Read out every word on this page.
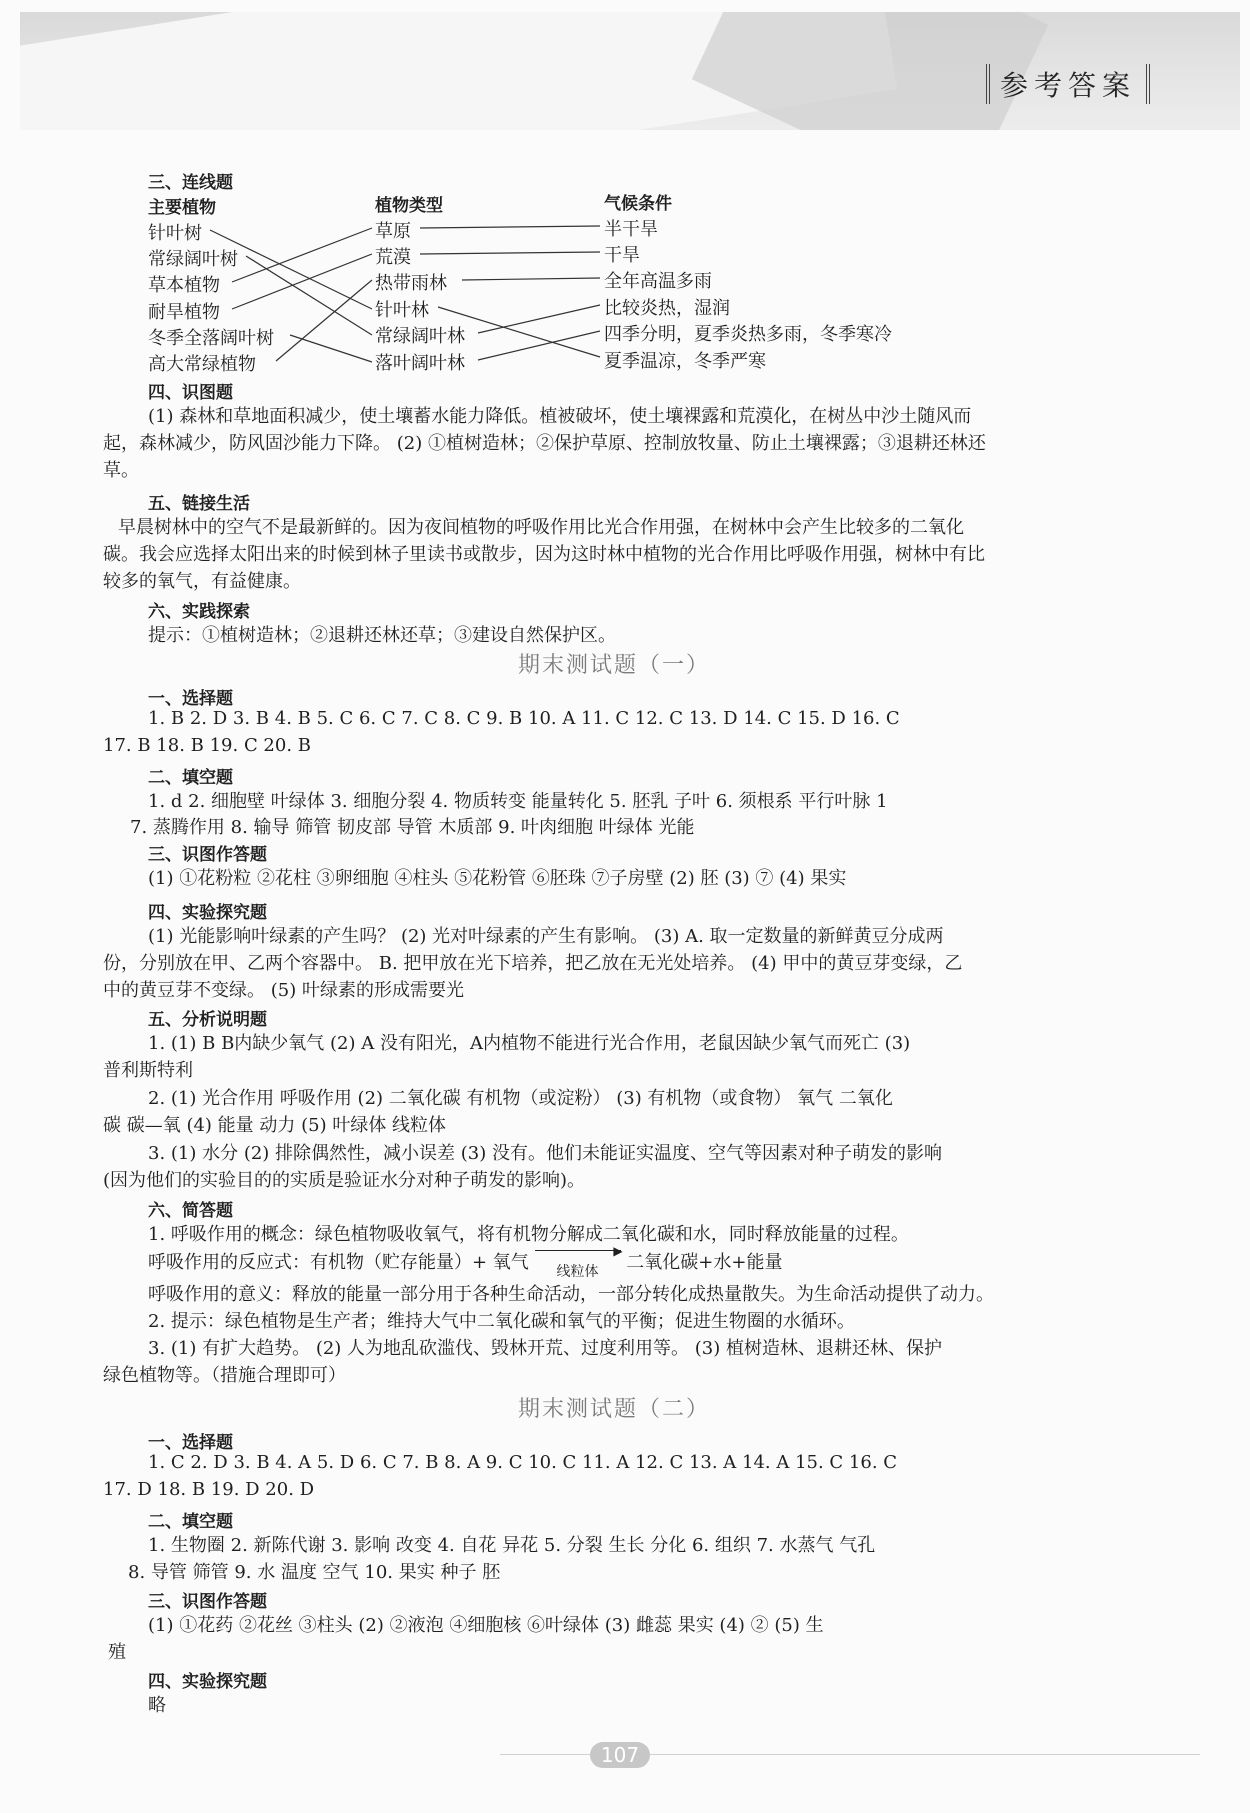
参考答案
三、连线题
主要植物	植物类型	气候条件
针叶树
常绿阔叶树
草本植物
耐旱植物
冬季全落阔叶树
高大常绿植物
草原
荒漠
热带雨林
针叶林
常绿阔叶林
落叶阔叶林
半干旱
干旱
全年高温多雨
比较炎热，湿润
四季分明，夏季炎热多雨，冬季寒冷
夏季温凉，冬季严寒
四、识图题
(1) 森林和草地面积减少，使土壤蓄水能力降低。植被破坏，使土壤裸露和荒漠化，在树丛中沙土随风而
起，森林减少，防风固沙能力下降。 (2) ①植树造林；②保护草原、控制放牧量、防止土壤裸露；③退耕还林还
草。
五、链接生活
早晨树林中的空气不是最新鲜的。因为夜间植物的呼吸作用比光合作用强，在树林中会产生比较多的二氧化
碳。我会应选择太阳出来的时候到林子里读书或散步，因为这时林中植物的光合作用比呼吸作用强，树林中有比
较多的氧气，有益健康。
六、实践探索
提示：①植树造林；②退耕还林还草；③建设自然保护区。
期末测试题（一）
一、选择题
1. B 2. D 3. B 4. B 5. C 6. C 7. C 8. C 9. B 10. A 11. C 12. C 13. D 14. C 15. D 16. C
17. B 18. B 19. C 20. B
二、填空题
1. d 2. 细胞壁 叶绿体 3. 细胞分裂 4. 物质转变 能量转化 5. 胚乳 子叶 6. 须根系 平行叶脉 1
7. 蒸腾作用 8. 输导 筛管 韧皮部 导管 木质部 9. 叶肉细胞 叶绿体 光能
三、识图作答题
(1) ①花粉粒 ②花柱 ③卵细胞 ④柱头 ⑤花粉管 ⑥胚珠 ⑦子房壁 (2) 胚 (3) ⑦ (4) 果实
四、实验探究题
(1) 光能影响叶绿素的产生吗？ (2) 光对叶绿素的产生有影响。 (3) A. 取一定数量的新鲜黄豆分成两
份，分别放在甲、乙两个容器中。 B. 把甲放在光下培养，把乙放在无光处培养。 (4) 甲中的黄豆芽变绿，乙
中的黄豆芽不变绿。 (5) 叶绿素的形成需要光
五、分析说明题
1. (1) B B内缺少氧气 (2) A 没有阳光，A内植物不能进行光合作用，老鼠因缺少氧气而死亡 (3)
普利斯特利
2. (1) 光合作用 呼吸作用 (2) 二氧化碳 有机物（或淀粉） (3) 有机物（或食物） 氧气 二氧化
碳 碳—氧 (4) 能量 动力 (5) 叶绿体 线粒体
3. (1) 水分 (2) 排除偶然性，减小误差 (3) 没有。他们未能证实温度、空气等因素对种子萌发的影响
(因为他们的实验目的的实质是验证水分对种子萌发的影响)。
六、简答题
1. 呼吸作用的概念：绿色植物吸收氧气，将有机物分解成二氧化碳和水，同时释放能量的过程。
呼吸作用的反应式：有机物（贮存能量）+ 氧气
▶
$_{线粒体}$ 二氧化碳+水+能量
呼吸作用的意义：释放的能量一部分用于各种生命活动，一部分转化成热量散失。为生命活动提供了动力。
2. 提示：绿色植物是生产者；维持大气中二氧化碳和氧气的平衡；促进生物圈的水循环。
3. (1) 有扩大趋势。 (2) 人为地乱砍滥伐、毁林开荒、过度利用等。 (3) 植树造林、退耕还林、保护
绿色植物等。（措施合理即可）
期末测试题（二）
一、选择题
1. C 2. D 3. B 4. A 5. D 6. C 7. B 8. A 9. C 10. C 11. A 12. C 13. A 14. A 15. C 16. C
17. D 18. B 19. D 20. D
二、填空题
1. 生物圈 2. 新陈代谢 3. 影响 改变 4. 自花 异花 5. 分裂 生长 分化 6. 组织 7. 水蒸气 气孔
8. 导管 筛管 9. 水 温度 空气 10. 果实 种子 胚
三、识图作答题
(1) ①花药 ②花丝 ③柱头 (2) ②液泡 ④细胞核 ⑥叶绿体 (3) 雌蕊 果实 (4) ② (5) 生
殖
四、实验探究题
略
107
